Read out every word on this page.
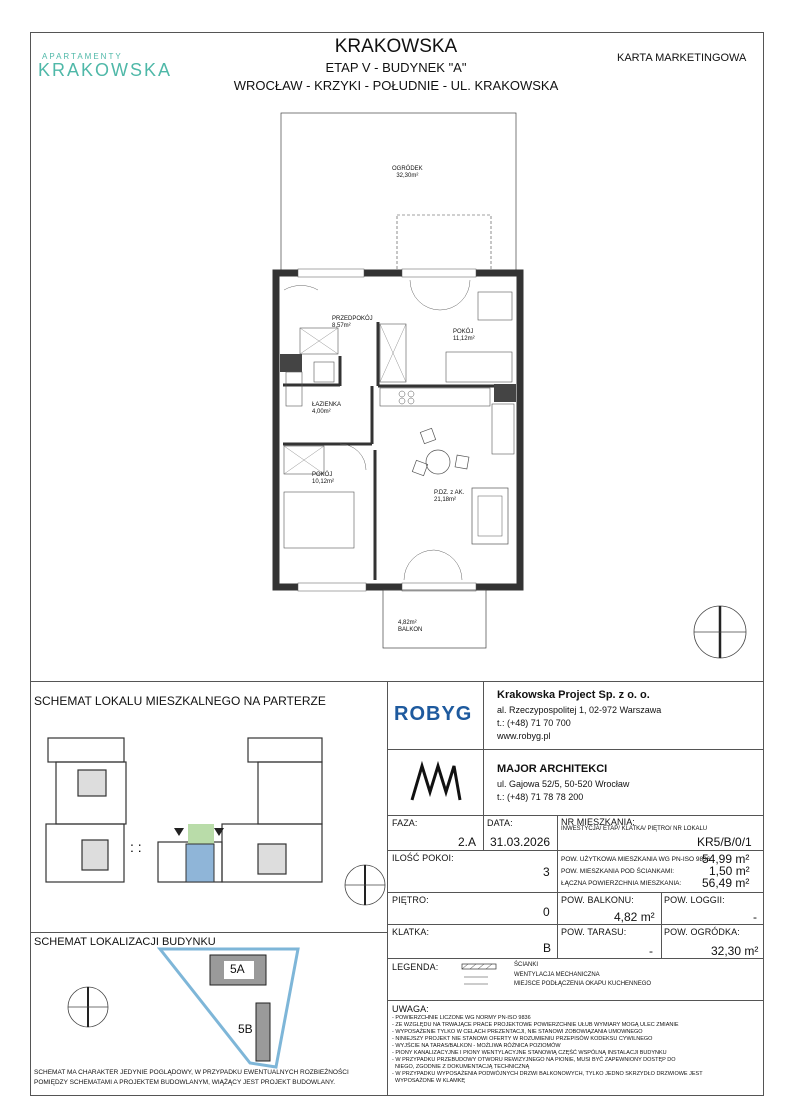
APARTAMENTY
KRAKOWSKA
KRAKOWSKA
ETAP V - BUDYNEK "A"
WROCŁAW - KRZYKI - POŁUDNIE - UL. KRAKOWSKA
KARTA MARKETINGOWA
OGRÓDEK
32,30m²
PRZEDPOKÓJ
8,57m²
POKÓJ
11,12m²
ŁAZIENKA
4,00m²
POKÓJ
10,12m²
P.DZ. z AK.
21,18m²
4,82m²
BALKON
SCHEMAT LOKALU MIESZKALNEGO NA PARTERZE
: :
SCHEMAT LOKALIZACJI BUDYNKU
5A
5B
SCHEMAT MA CHARAKTER JEDYNIE POGLĄDOWY, W PRZYPADKU EWENTUALNYCH ROZBIEŻNOŚCI
POMIĘDZY SCHEMATAMI A PROJEKTEM BUDOWLANYM, WIĄŻĄCY JEST PROJEKT BUDOWLANY.
ROBYG
Krakowska Project Sp. z o. o.
al. Rzeczypospolitej 1, 02-972 Warszawa
t.: (+48) 71 70 700
www.robyg.pl
MAJOR ARCHITEKCI
ul. Gajowa 52/5, 50-520 Wrocław
t.: (+48) 71 78 78 200
FAZA:
2.A
DATA:
31.03.2026
NR MIESZKANIA:
INWESTYCJA/ ETAP/ KLATKA/ PIĘTRO/ NR LOKALU
KR5/B/0/1
ILOŚĆ POKOI:
3
POW. UŻYTKOWA MIESZKANIA WG PN-ISO 9836:
54,99 m²
POW. MIESZKANIA POD ŚCIANKAMI:	1,50 m²
ŁĄCZNA POWIERZCHNIA MIESZKANIA: 56,49 m²
PIĘTRO:
0
POW. BALKONU:
4,82 m²
POW. LOGGII:
-
KLATKA:
B
POW. TARASU:
-
POW. OGRÓDKA:
32,30 m²
LEGENDA:	ŚCIANKI
WENTYLACJA MECHANICZNA
MIEJSCE PODŁĄCZENIA OKAPU KUCHENNEGO
UWAGA:
- POWIERZCHNIE LICZONE WG NORMY PN-ISO 9836
- ZE WZGLĘDU NA TRWAJĄCE PRACE PROJEKTOWE POWIERZCHNIE UŁUB WYMIARY MOGĄ ULEC ZMIANIE
- WYPOSAŻENIE TYLKO W CELACH PREZENTACJI, NIE STANOWI ZOBOWIĄZANIA UMOWNEGO
- NINIEJSZY PROJEKT NIE STANOWI OFERTY W ROZUMIENIU PRZEPISÓW KODEKSU CYWILNEGO
- WYJŚCIE NA TARAS/BALKON - MOŻLIWA RÓŻNICA POZIOMÓW
- PIONY KANALIZACYJNE I PIONY WENTYLACYJNE STANOWIĄ CZĘŚĆ WSPÓLNĄ INSTALACJI BUDYNKU
- W PRZYPADKU PRZEBUDOWY OTWORU REWIZYJNEGO NA PIONIE, MUSI BYĆ ZAPEWNIONY DOSTĘP DO
NIEGO, ZGODNIE Z DOKUMENTACJĄ TECHNICZNĄ
- W PRZYPADKU WYPOSAŻENIA PODWÓJNYCH DRZWI BALKONOWYCH, TYLKO JEDNO SKRZYDŁO DRZWIOWE JEST
WYPOSAŻONE W KLAMKĘ
